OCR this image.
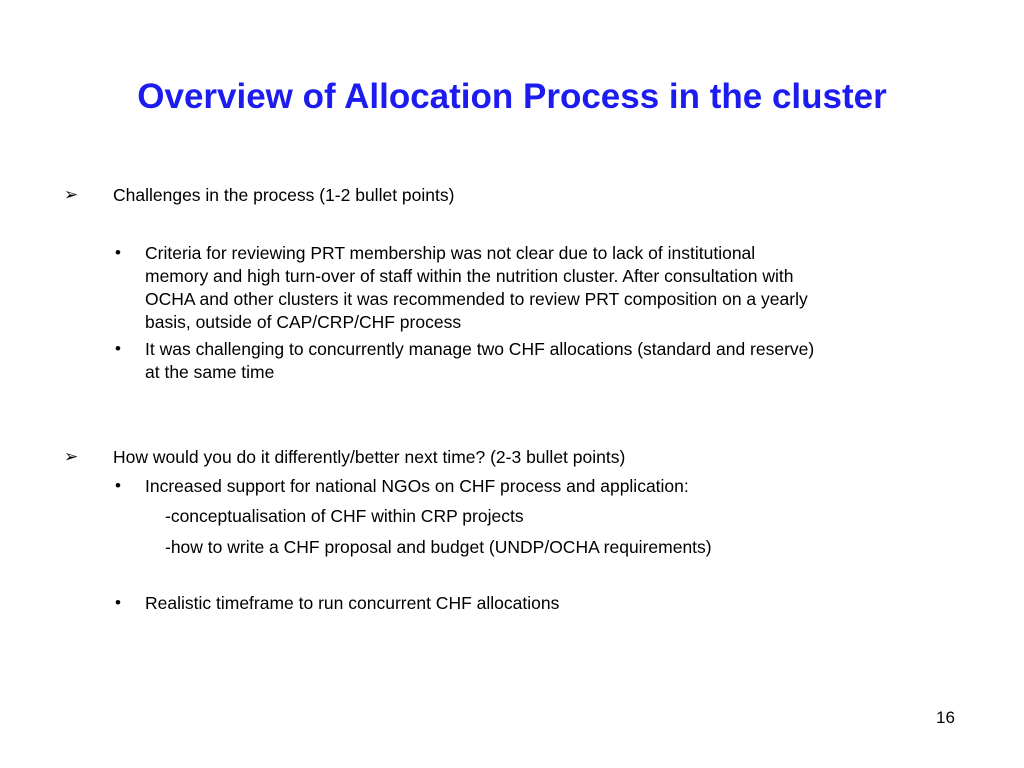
Overview of Allocation Process in the cluster
➢ Challenges in the process (1-2 bullet points)
• Criteria for reviewing PRT membership was not clear due to lack of institutional
memory and high turn-over of staff within the nutrition cluster. After consultation with
OCHA and other clusters it was recommended to review PRT composition on a yearly
basis, outside of CAP/CRP/CHF process
• It was challenging to concurrently manage two CHF allocations (standard and reserve)
at the same time
➢ How would you do it differently/better next time? (2-3 bullet points)
• Increased support for national NGOs on CHF process and application:
-conceptualisation of CHF within CRP projects
-how to write a CHF proposal and budget (UNDP/OCHA requirements)
• Realistic timeframe to run concurrent CHF allocations
16
